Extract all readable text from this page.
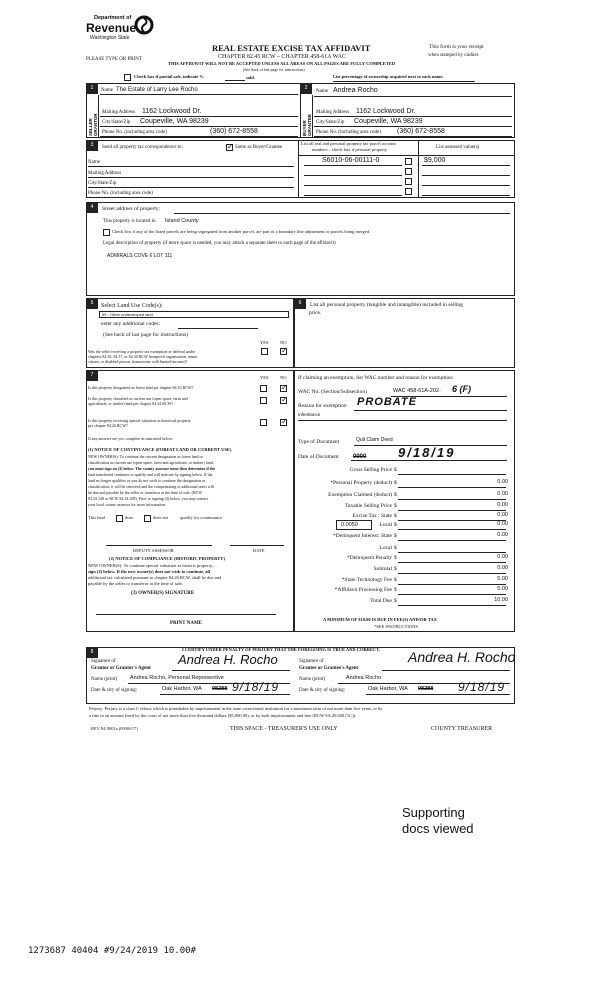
Department of
Revenue
Washington State
PLEASE TYPE OR PRINT
REAL ESTATE EXCISE TAX AFFIDAVIT
CHAPTER 82.45 RCW – CHAPTER 458-61A WAC
THIS AFFIDAVIT WILL NOT BE ACCEPTED UNLESS ALL AREAS ON ALL PAGES ARE FULLY COMPLETED
(See back of last page for instructions)
This form is your receipt
when stamped by cashier.
Check box if partial sale, indicate %	sold.	List percentage of ownership acquired next to each name.
1
SELLER GRANTOR
Name The Estate of Larry Lee Rocho
Mailing Address 1162 Lockwood Dr.
City/State/Zip Coupeville, WA 98239
Phone No. (including area code)	(360) 672-8558
2
BUYER GRANTEE
Name Andrea Rocho
Mailing Address 1162 Lockwood Dr.
City/State/Zip Coupeville, WA 98239
Phone No. (including area code) (360) 672-8558
3	Send all property tax correspondence to:
✓	Same as Buyer/Grantee
List all real and personal property tax parcel account
numbers – check box if personal property	List assessed value(s)
Name
Mailing Address
City/State/Zip
Phone No. (including area code)
S6010-06-00111-0	$9,000
4	Street address of property:
This property is located in Island County
Check box if any of the listed parcels are being segregated from another parcel, are part of a boundary line adjustment or parcels being merged.
Legal description of property (if more space is needed, you may attach a separate sheet to each page of the affidavit)
ADMIRALS COVE 6 LOT 111
5	Select Land Use Code(s):
99 - Other undeveloped land
enter any additional codes:
(See back of last page for instructions)
YES	NO
Was the seller receiving a property tax exemption or deferral under
chapters 84.36, 84.37, or 84.38 RCW (nonprofit organization, senior
citizen, or disabled person, homeowner with limited income)?
✓
6	List all personal property (tangible and intangible) included in selling
price.
7	YES	NO
Is this property designated as forest land per chapter 84.33 RCW?
✓
Is this property classified as current use (open space, farm and
agricultural, or timber) land per chapter 84.34 RCW?
✓
Is this property receiving special valuation as historical property
per chapter 84.26 RCW?
✓
If any answers are yes, complete as instructed below.
(1) NOTICE OF CONTINUANCE (FOREST LAND OR CURRENT USE)
NEW OWNER(S): To continue the current designation as forest land or
classification as current use (open space, farm and agriculture, or timber) land,
you must sign on (3) below. The county assessor must then determine if the
land transferred continues to qualify and will indicate by signing below. If the
land no longer qualifies or you do not wish to continue the designation or
classification, it will be removed and the compensating or additional taxes will
be due and payable by the seller or transferor at the time of sale. (RCW
84.33.140 or RCW 84.34.108). Prior to signing (3) below, you may contact
your local county assessor for more information.
This land	does	does not	qualify for continuance.
DEPUTY ASSESSOR	DATE
(2) NOTICE OF COMPLIANCE (HISTORIC PROPERTY)
NEW OWNER(S): To continue special valuation as historic property,
sign (3) below. If the new owner(s) does not wish to continue, all
additional tax calculated pursuant to chapter 84.26 RCW, shall be due and
payable by the seller or transferor at the time of sale.
(3) OWNER(S) SIGNATURE
PRINT NAME
If claiming an exemption, list WAC number and reason for exemption:
WAC No. (Section/Subsection)	WAC 458-61A-202- 6 (F)
Reason for exemption PROBATE
Inheritance
Type of Document	Quit Claim Deed
Date of Document 0000 9/18/19
Gross Selling Price $
*Personal Property (deduct) $	0.00
Exemption Claimed (deduct) $	0.00
Taxable Selling Price $	0.00
Excise Tax : State $	0.00
0.0050	Local $	0.00
*Delinquent Interest: State $	0.00
Local $
*Delinquent Penalty $	0.00
Subtotal $	0.00
*State Technology Fee $	5.00
*Affidavit Processing Fee $	5.00
Total Due $	10.00
A MINIMUM OF $10.00 IS DUE IN FEE(S) AND/OR TAX
*SEE INSTRUCTIONS
8	I CERTIFY UNDER PENALTY OF PERJURY THAT THE FOREGOING IS TRUE AND CORRECT.
Signature of
Grantor or Grantor's Agent
Andrea H. Rocho
Name (print) Andrea Rocho, Personal Representive
Date & city of signing:	Oak Harbor, WA 98288 9/18/19
Signature of
Grantee or Grantee's Agent
Andrea H. Rocho
Name (print)	Andrea Rocho
Date & city of signing:	Oak Harbor, WA 98288 9/18/19
Perjury: Perjury is a class C felony which is punishable by imprisonment in the state correctional institution for a maximum term of not more than five years, or by
a fine in an amount fixed by the court of not more than five thousand dollars ($5,000.00), or by both imprisonment and fine (RCW 9A.20.020 (1C)).
REV 84 0001a (09/06/17)	THIS SPACE - TREASURER'S USE ONLY	COUNTY TREASURER
Supporting
docs viewed
1273687 40404 #9/24/2019 10.00#
